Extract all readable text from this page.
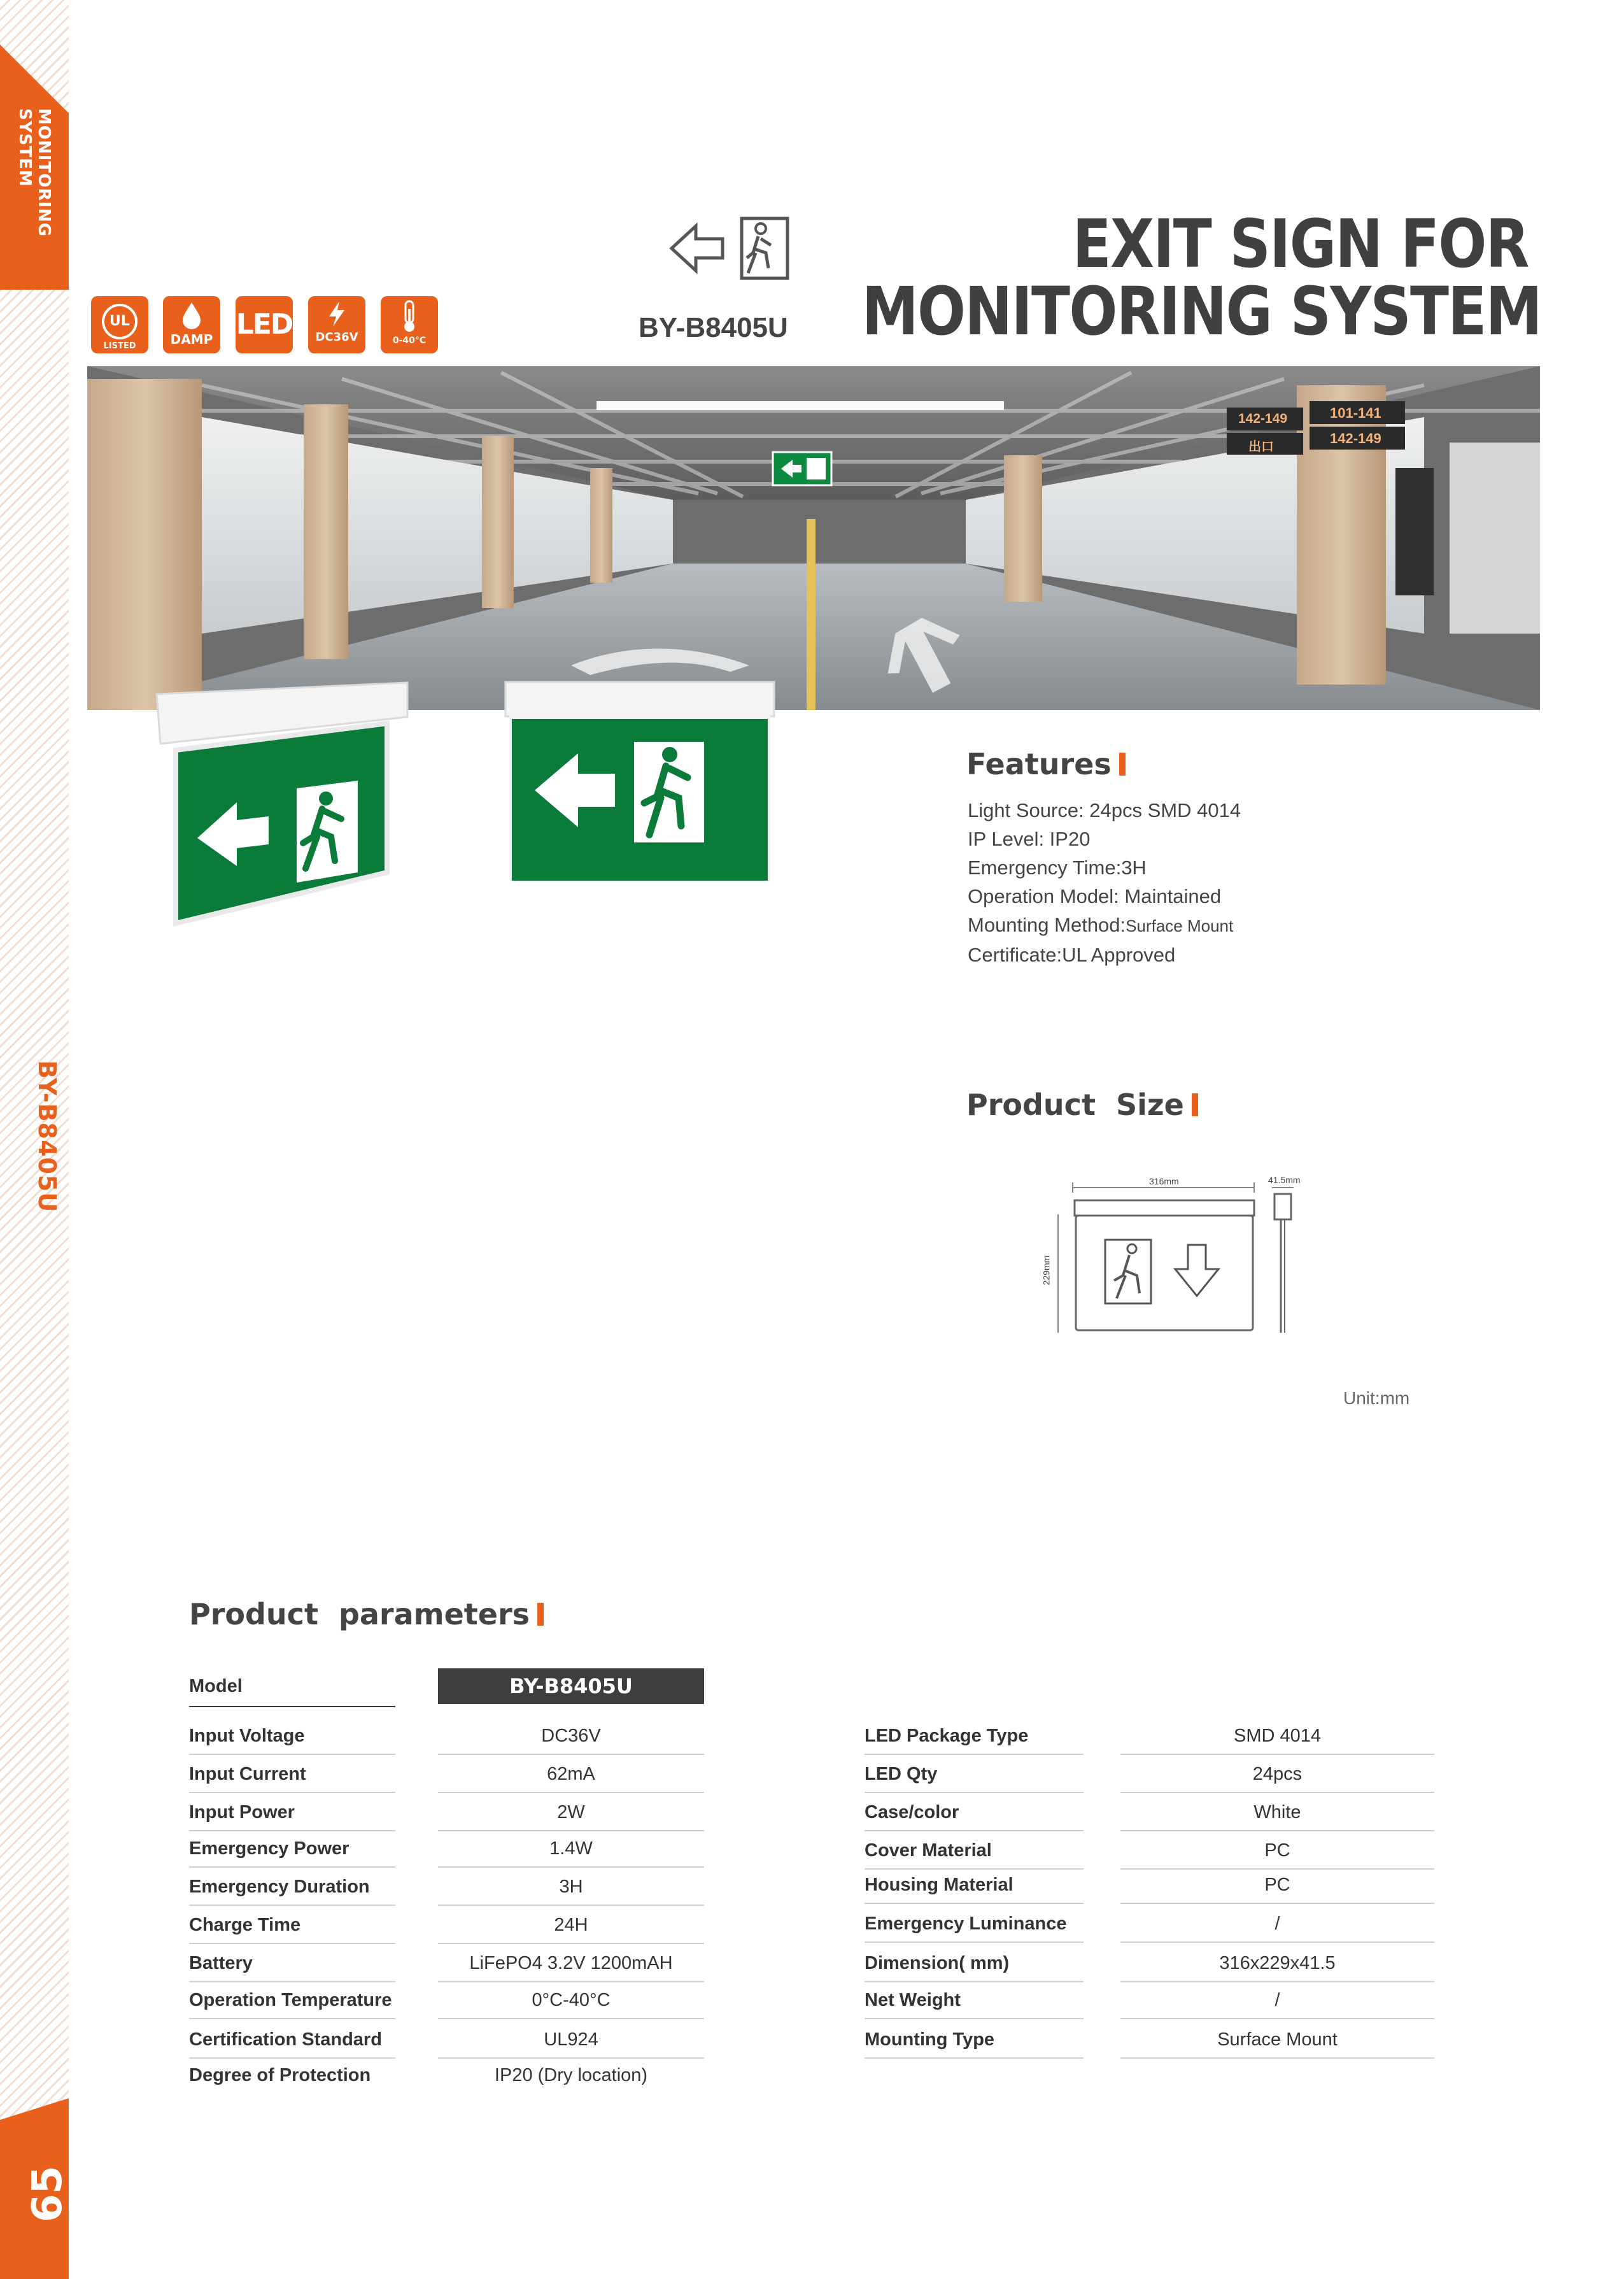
MONITORING
SYSTEM
BY-B8405U
65
BY-B8405U
EXIT SIGN FOR
MONITORING SYSTEM
UL
LISTED	DAMP LED	DC36V	0-40°C
142-149	101-141
出口
142-149
Features
Light Source: 24pcs SMD 4014
IP Level: IP20
Emergency Time:3H
Operation Model: Maintained
Mounting Method:Surface Mount
Certificate:UL Approved
Product  Size
316mm	41.5mm
229mm
Unit:mm
Product  parameters
Model	BY-B8405U
Input Voltage	DC36V
Input Current	62mA
Input Power	2W
Emergency Power	1.4W
Emergency Duration	3H
Charge Time	24H
Battery	LiFePO4 3.2V 1200mAH
Operation Temperature	0°C-40°C
Certification Standard	UL924
Degree of Protection	IP20 (Dry location)
LED Package Type	SMD 4014
LED Qty	24pcs
Case/color	White
Cover Material	PC
Housing Material	PC
Emergency Luminance	/
Dimension( mm)	316x229x41.5
Net Weight	/
Mounting Type	Surface Mount
